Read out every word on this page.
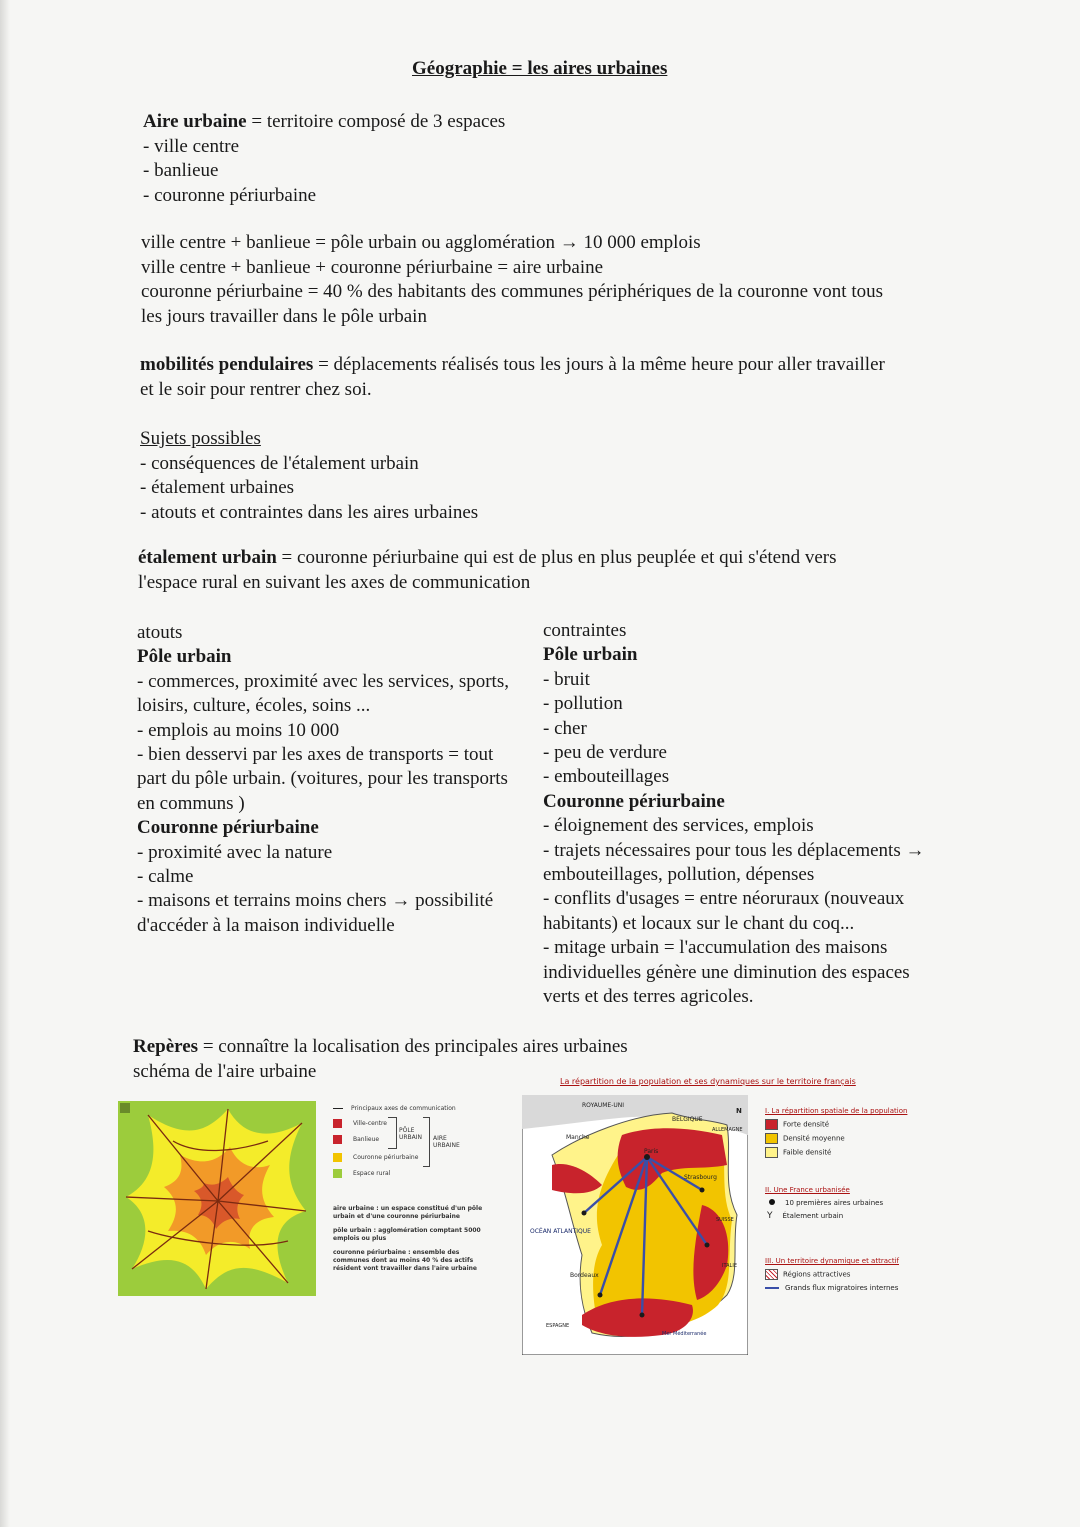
Géographie = les aires urbaines
Aire urbaine = territoire composé de 3 espaces
- ville centre
- banlieue
- couronne périurbaine
ville centre + banlieue = pôle urbain ou agglomération → 10 000 emplois
ville centre + banlieue + couronne périurbaine = aire urbaine
couronne périurbaine = 40 % des habitants des communes périphériques de la couronne vont tous
les jours travailler dans le pôle urbain
mobilités pendulaires = déplacements réalisés tous les jours à la même heure pour aller travailler
et le soir pour rentrer chez soi.
Sujets possibles
- conséquences de l'étalement urbain
- étalement urbaines
- atouts et contraintes dans les aires urbaines
étalement urbain = couronne périurbaine qui est de plus en plus peuplée et qui s'étend vers
l'espace rural en suivant les axes de communication
atouts
Pôle urbain
- commerces, proximité avec les services, sports,
loisirs, culture, écoles, soins ...
- emplois au moins 10 000
- bien desservi par les axes de transports = tout
part du pôle urbain. (voitures, pour les transports
en communs )
Couronne périurbaine
- proximité avec la nature
- calme
- maisons et terrains moins chers → possibilité
d'accéder à la maison individuelle
contraintes
Pôle urbain
- bruit
- pollution
- cher
- peu de verdure
- embouteillages
Couronne périurbaine
- éloignement des services, emplois
- trajets nécessaires pour tous les déplacements →
embouteillages, pollution, dépenses
- conflits d'usages = entre néoruraux (nouveaux
habitants) et locaux sur le chant du coq...
- mitage urbain = l'accumulation des maisons
individuelles génère une diminution des espaces
verts et des terres agricoles.
Repères = connaître la localisation des principales aires urbaines
schéma de l'aire urbaine
Principaux axes de communication
Ville-centre
Banlieue
Couronne périurbaine
Espace rural
PÔLE URBAIN	AIRE URBAINE
aire urbaine : un espace constitué d'un pôle urbain et d'une couronne périurbaine
pôle urbain : agglomération comptant 5000 emplois ou plus
couronne périurbaine : ensemble des communes dont au moins 40 % des actifs résident vont travailler dans l'aire urbaine
La répartition de la population et ses dynamiques sur le territoire français
ROYAUME-UNI
BELGIQUE
ALLEMAGNE
Manche
Paris
Strasbourg
OCÉAN ATLANTIQUE
SUISSE
ITALIE
Bordeaux
ESPAGNE
Mer Méditerranée
N	I. La répartition spatiale de la population
Forte densité
Densité moyenne
Faible densité
II. Une France urbanisée
10 premières aires urbaines
Y Étalement urbain
III. Un territoire dynamique et attractif
Régions attractives
Grands flux migratoires internes
